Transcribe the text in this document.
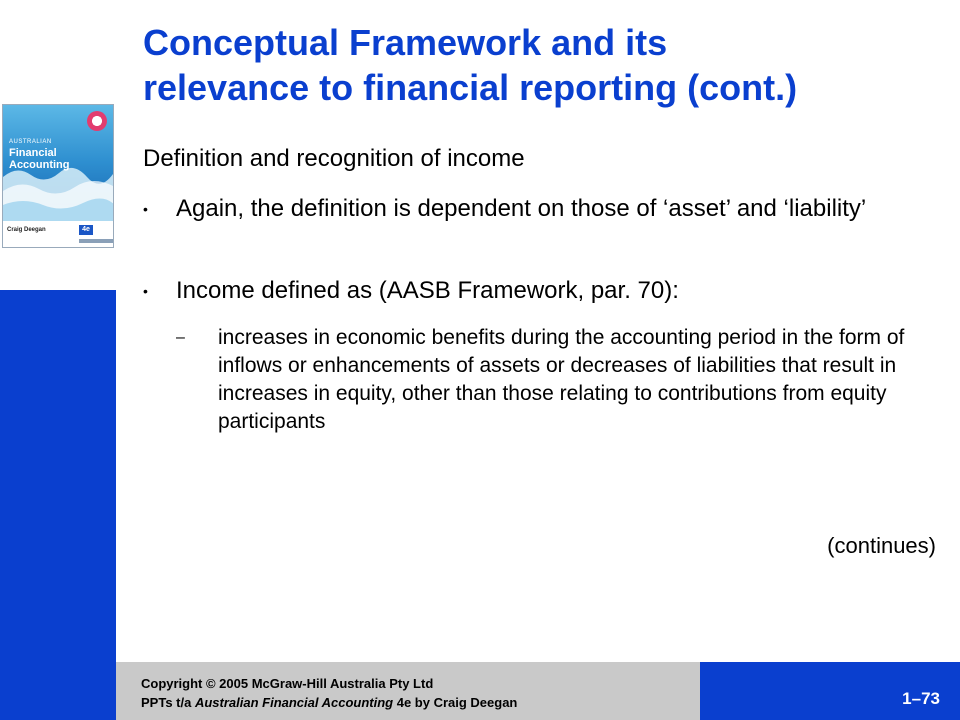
AUSTRALIAN
Financial
Accounting
Craig Deegan	4e
Conceptual Framework and its
relevance to financial reporting (cont.)
Definition and recognition of income
• Again, the definition is dependent on those of ‘asset’ and ‘liability’
• Income defined as (AASB Framework, par. 70):
– increases in economic benefits during the accounting period in the form of inflows or enhancements of assets or decreases of liabilities that result in increases in equity, other than those relating to contributions from equity participants
(continues)
Copyright © 2005 McGraw-Hill Australia Pty Ltd
PPTs t/a Australian Financial Accounting 4e by Craig Deegan	1–73
